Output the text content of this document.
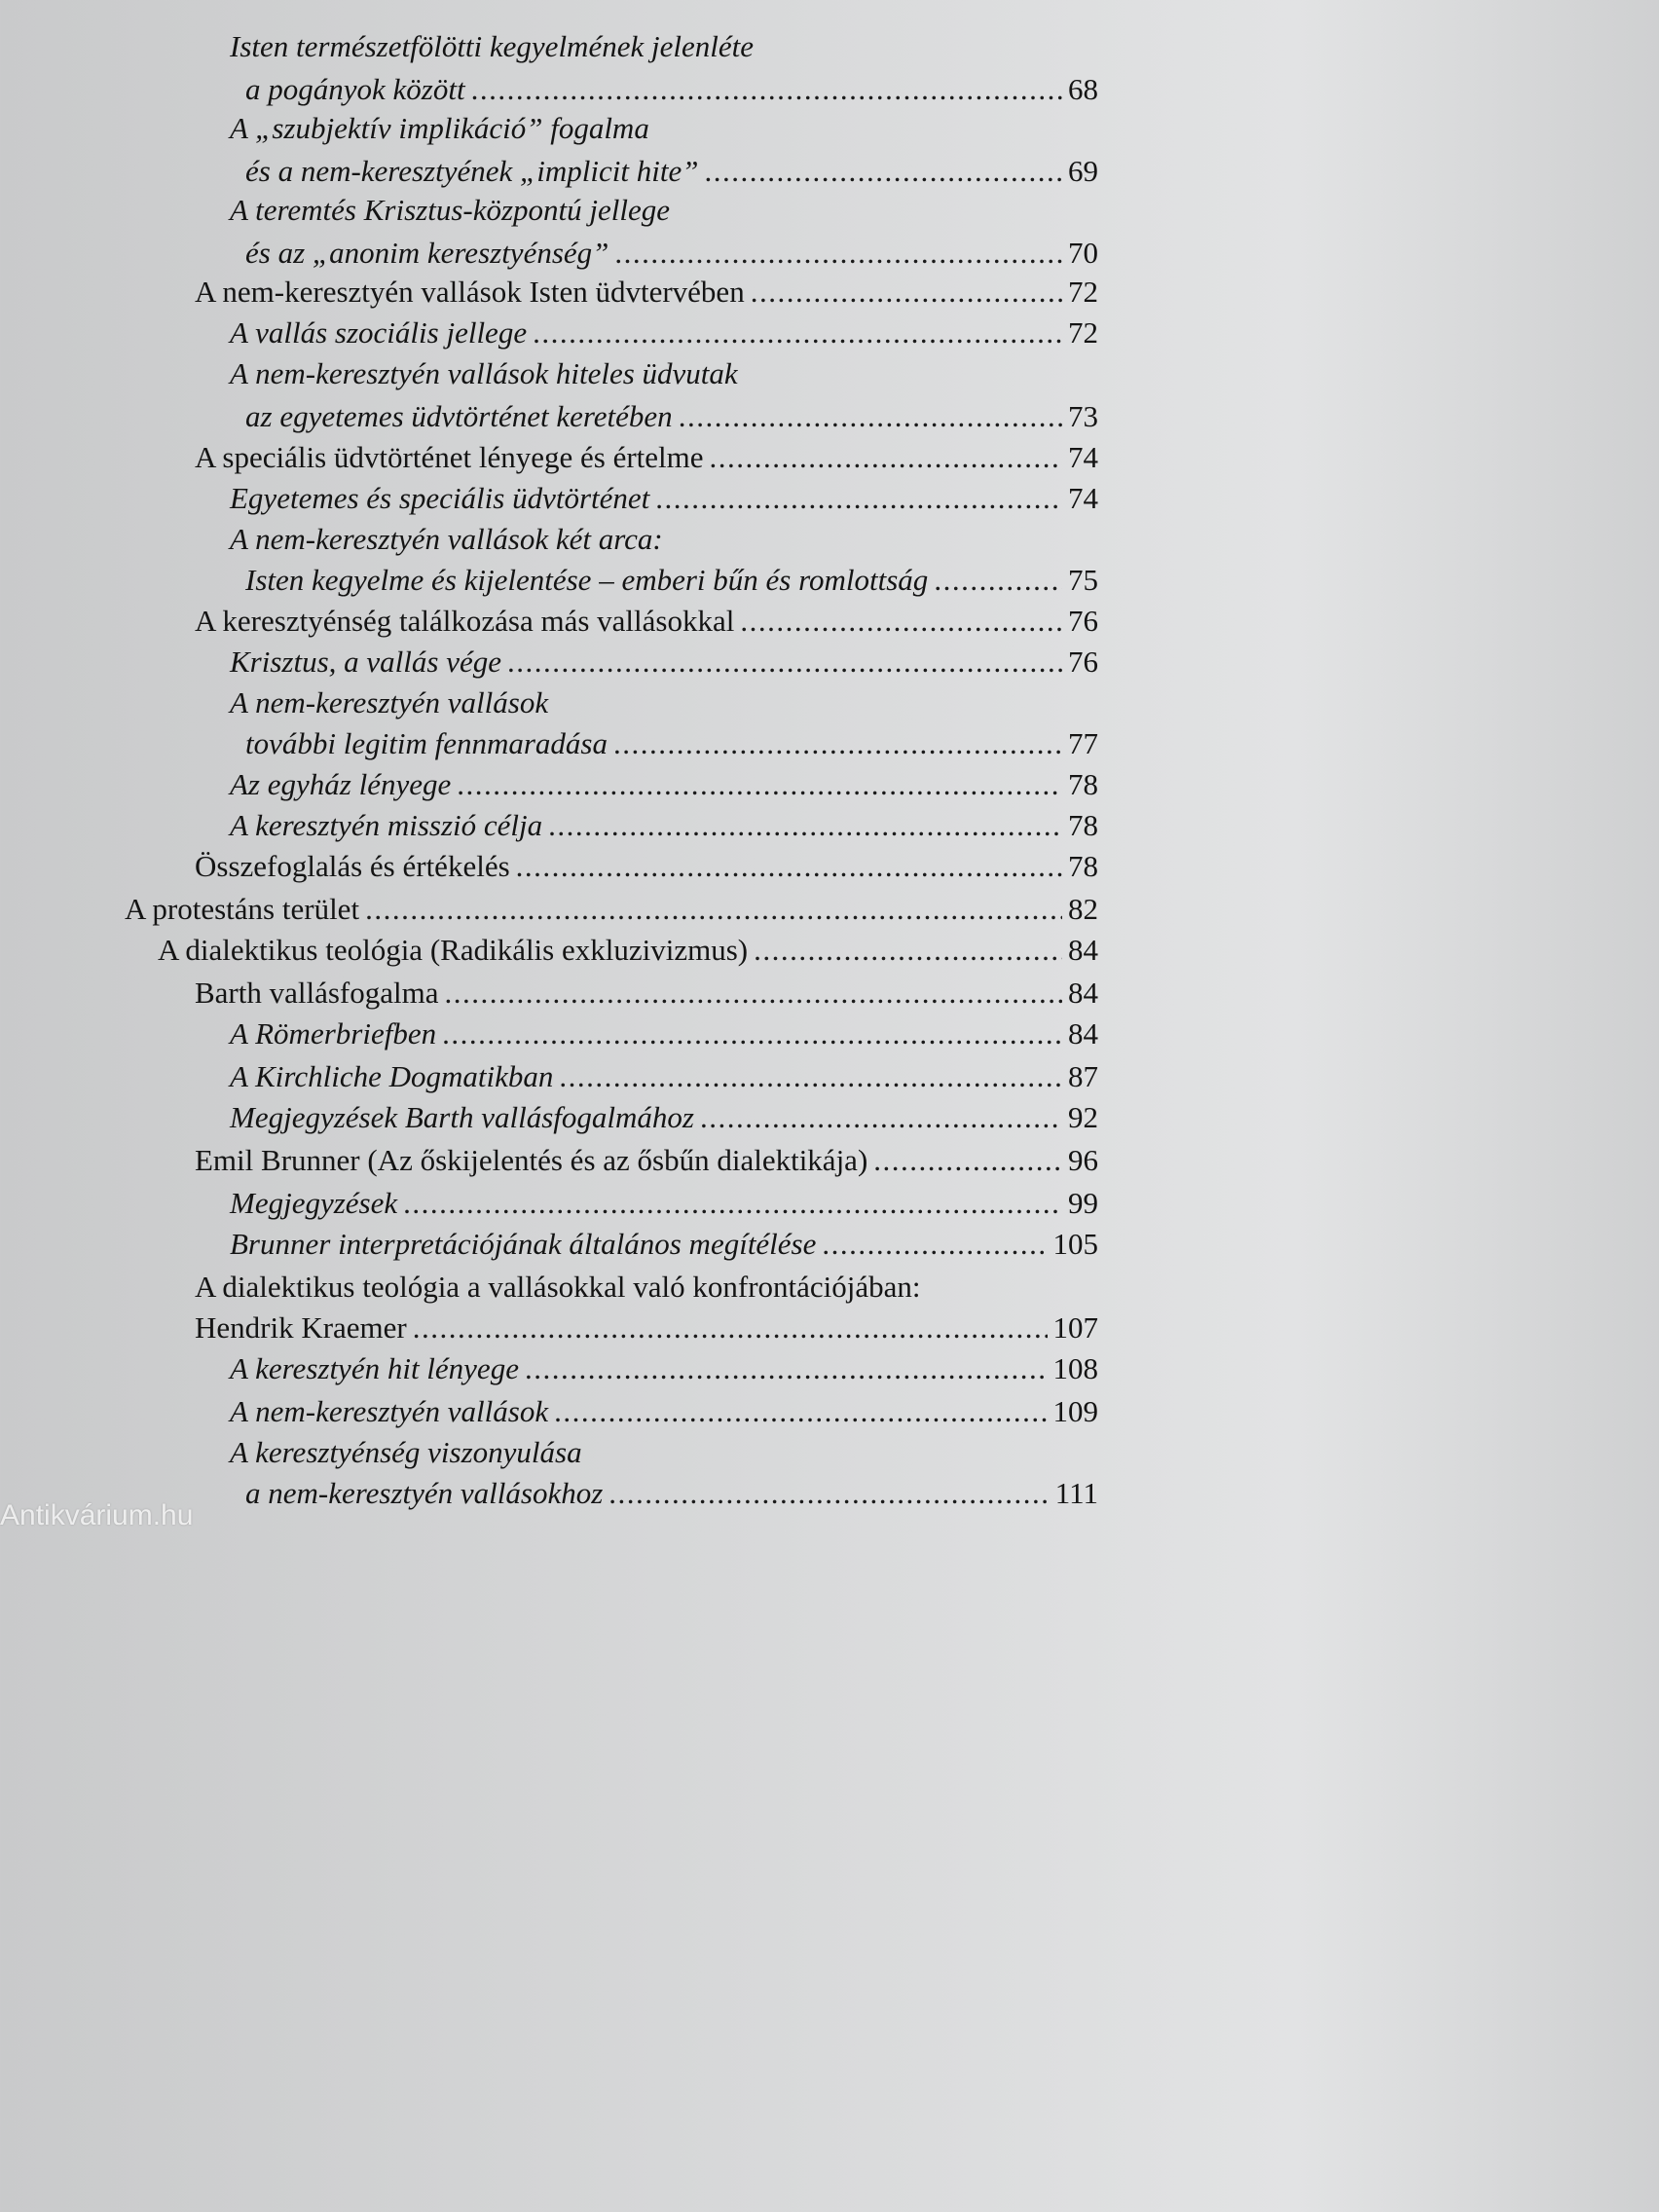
Isten természetfölötti kegyelmének jelenléte
a pogányok között .....	68
A „szubjektív implikáció” fogalma
és a nem-keresztyének „implicit hite” .....	69
A teremtés Krisztus-központú jellege
és az „anonim keresztyénség” .....	70
A nem-keresztyén vallások Isten üdvtervében .....	72
A vallás szociális jellege .....	72
A nem-keresztyén vallások hiteles üdvutak
az egyetemes üdvtörténet keretében .....	73
A speciális üdvtörténet lényege és értelme .....	74
Egyetemes és speciális üdvtörténet .....	74
A nem-keresztyén vallások két arca:
Isten kegyelme és kijelentése – emberi bűn és romlottság .....	75
A keresztyénség találkozása más vallásokkal .....	76
Krisztus, a vallás vége .....	76
A nem-keresztyén vallások
további legitim fennmaradása .....	77
Az egyház lényege .....	78
A keresztyén misszió célja .....	78
Összefoglalás és értékelés .....	78
A protestáns terület .....	82
A dialektikus teológia (Radikális exkluzivizmus) .....	84
Barth vallásfogalma .....	84
A Römerbriefben .....	84
A Kirchliche Dogmatikban .....	87
Megjegyzések Barth vallásfogalmához .....	92
Emil Brunner (Az őskijelentés és az ősbűn dialektikája) .....	96
Megjegyzések .....	99
Brunner interpretációjának általános megítélése .....	105
A dialektikus teológia a vallásokkal való konfrontációjában:
Hendrik Kraemer .....	107
A keresztyén hit lényege .....	108
A nem-keresztyén vallások .....	109
A keresztyénség viszonyulása
a nem-keresztyén vallásokhoz .....	111
Antikvárium.hu
